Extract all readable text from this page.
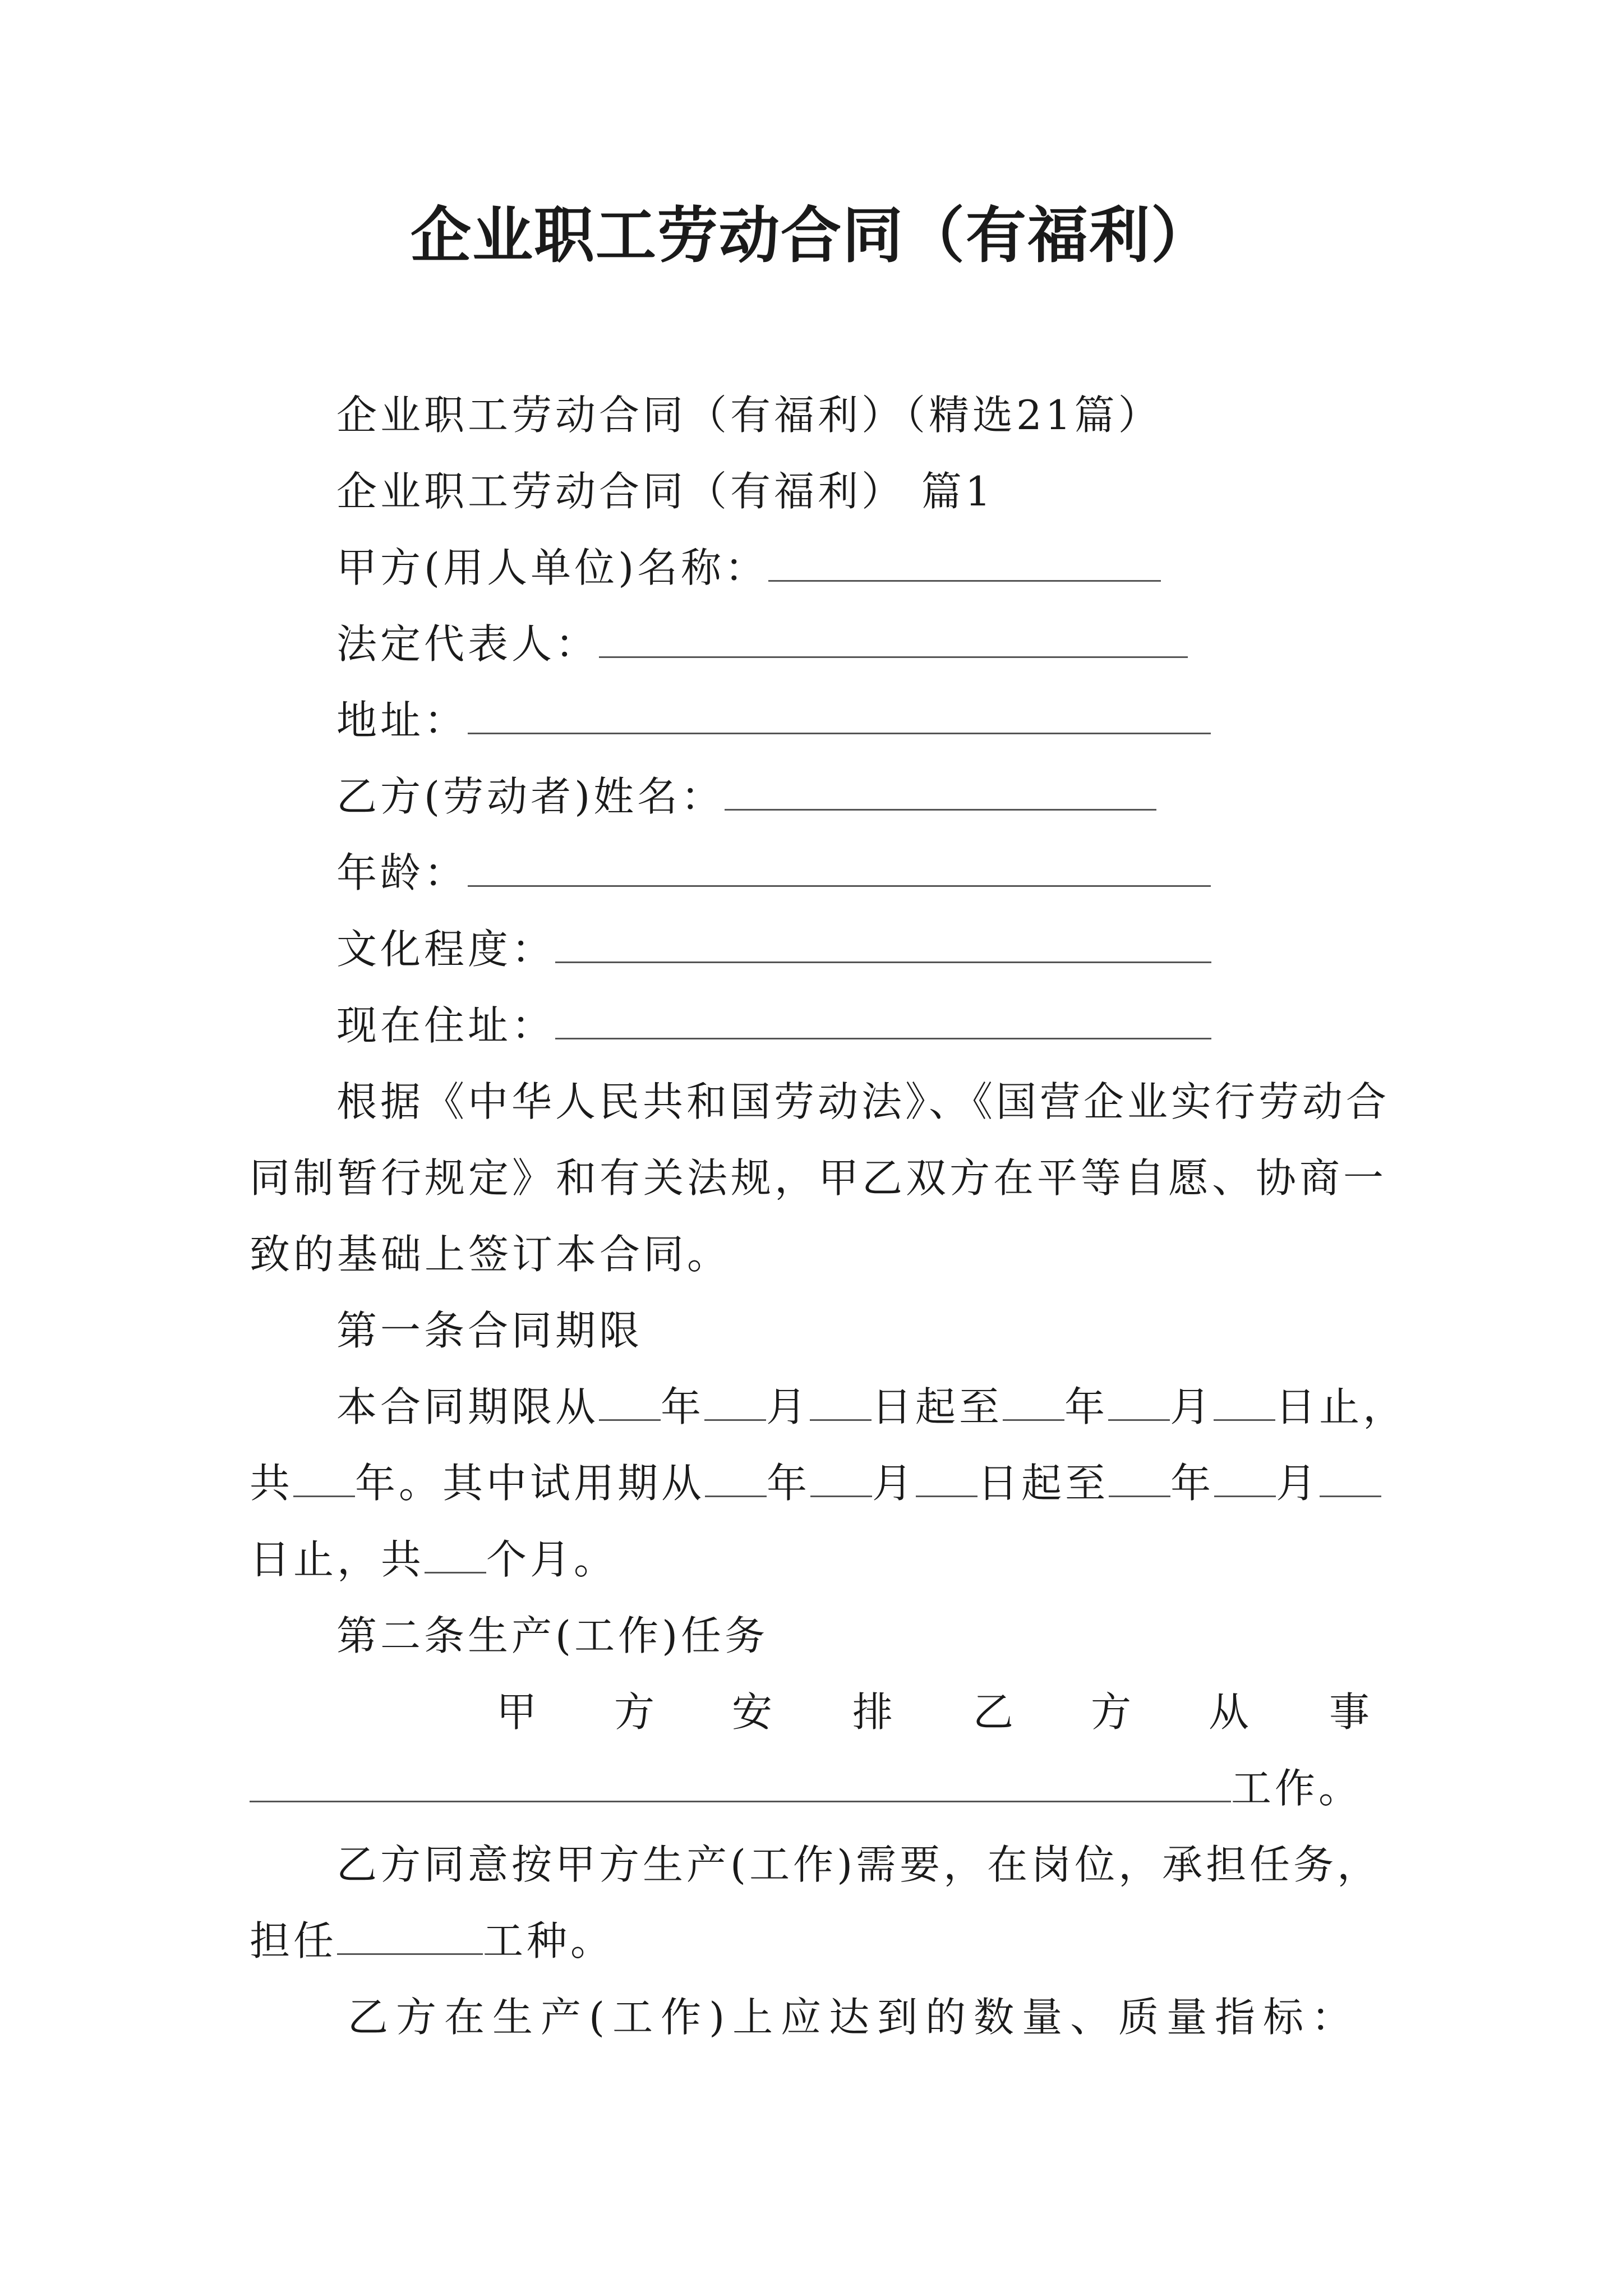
企业职工劳动合同（有福利）
企业职工劳动合同（有福利）（精选21篇）
企业职工劳动合同（有福利） 篇1
甲方(用人单位)名称：
法定代表人：
地址：
乙方(劳动者)姓名：
年龄：
文化程度：
现在住址：
根据《中华人民共和国劳动法》、《国营企业实行劳动合
同制暂行规定》和有关法规，甲乙双方在平等自愿、协商一
致的基础上签订本合同。
第一条合同期限
本合同期限从 年 月 日起至 年 月 日止，
共 年。其中试用期从 年 月 日起至 年 月
日止，共 个月。
第二条生产(工作)任务
甲 方 安 排 乙 方 从 事
工作。
乙方同意按甲方生产(工作)需要，在岗位，承担任务，
担任	工种。
乙方在生产(工作)上应达到的数量、质量指标：
